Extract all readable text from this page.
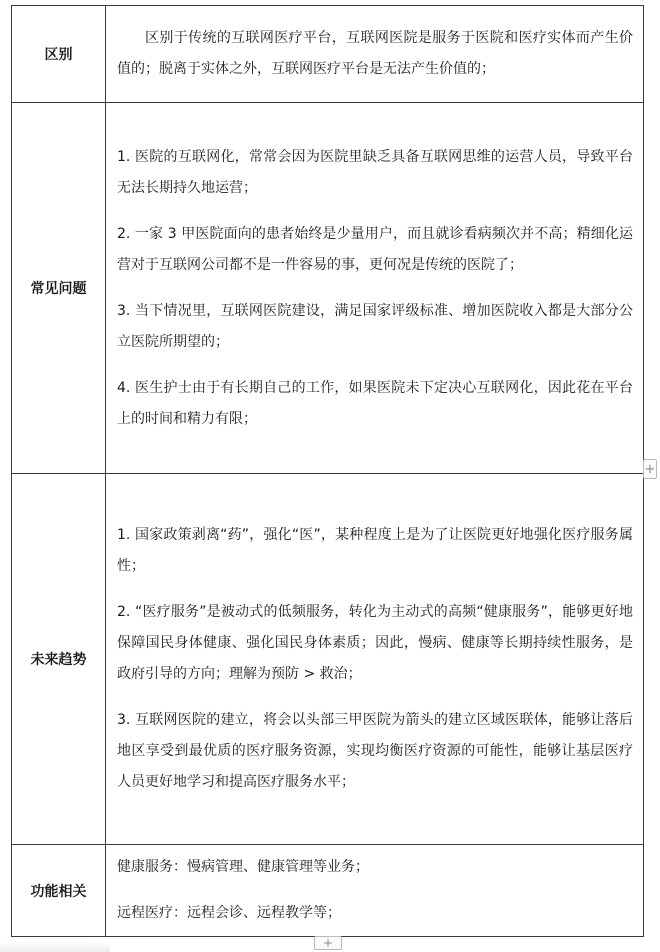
区别	区别于传统的互联网医疗平台，互联网医院是服务于医院和医疗实体而产生价值的；脱离于实体之外，互联网医疗平台是无法产生价值的；

常见问题	1. 医院的互联网化，常常会因为医院里缺乏具备互联网思维的运营人员，导致平台无法长期持久地运营；

2. 一家 3 甲医院面向的患者始终是少量用户，而且就诊看病频次并不高；精细化运营对于互联网公司都不是一件容易的事，更何况是传统的医院了；

3. 当下情况里，互联网医院建设，满足国家评级标准、增加医院收入都是大部分公立医院所期望的；

4. 医生护士由于有长期自己的工作，如果医院未下定决心互联网化，因此花在平台上的时间和精力有限；

未来趋势	1. 国家政策剥离“药”，强化“医”，某种程度上是为了让医院更好地强化医疗服务属性；

2. “医疗服务”是被动式的低频服务，转化为主动式的高频“健康服务”，能够更好地保障国民身体健康、强化国民身体素质；因此，慢病、健康等长期持续性服务，是政府引导的方向；理解为预防 > 救治；

3. 互联网医院的建立，将会以头部三甲医院为箭头的建立区域医联体，能够让落后地区享受到最优质的医疗服务资源，实现均衡医疗资源的可能性，能够让基层医疗人员更好地学习和提高医疗服务水平；

功能相关	健康服务：慢病管理、健康管理等业务；

远程医疗：远程会诊、远程教学等；

+
+
